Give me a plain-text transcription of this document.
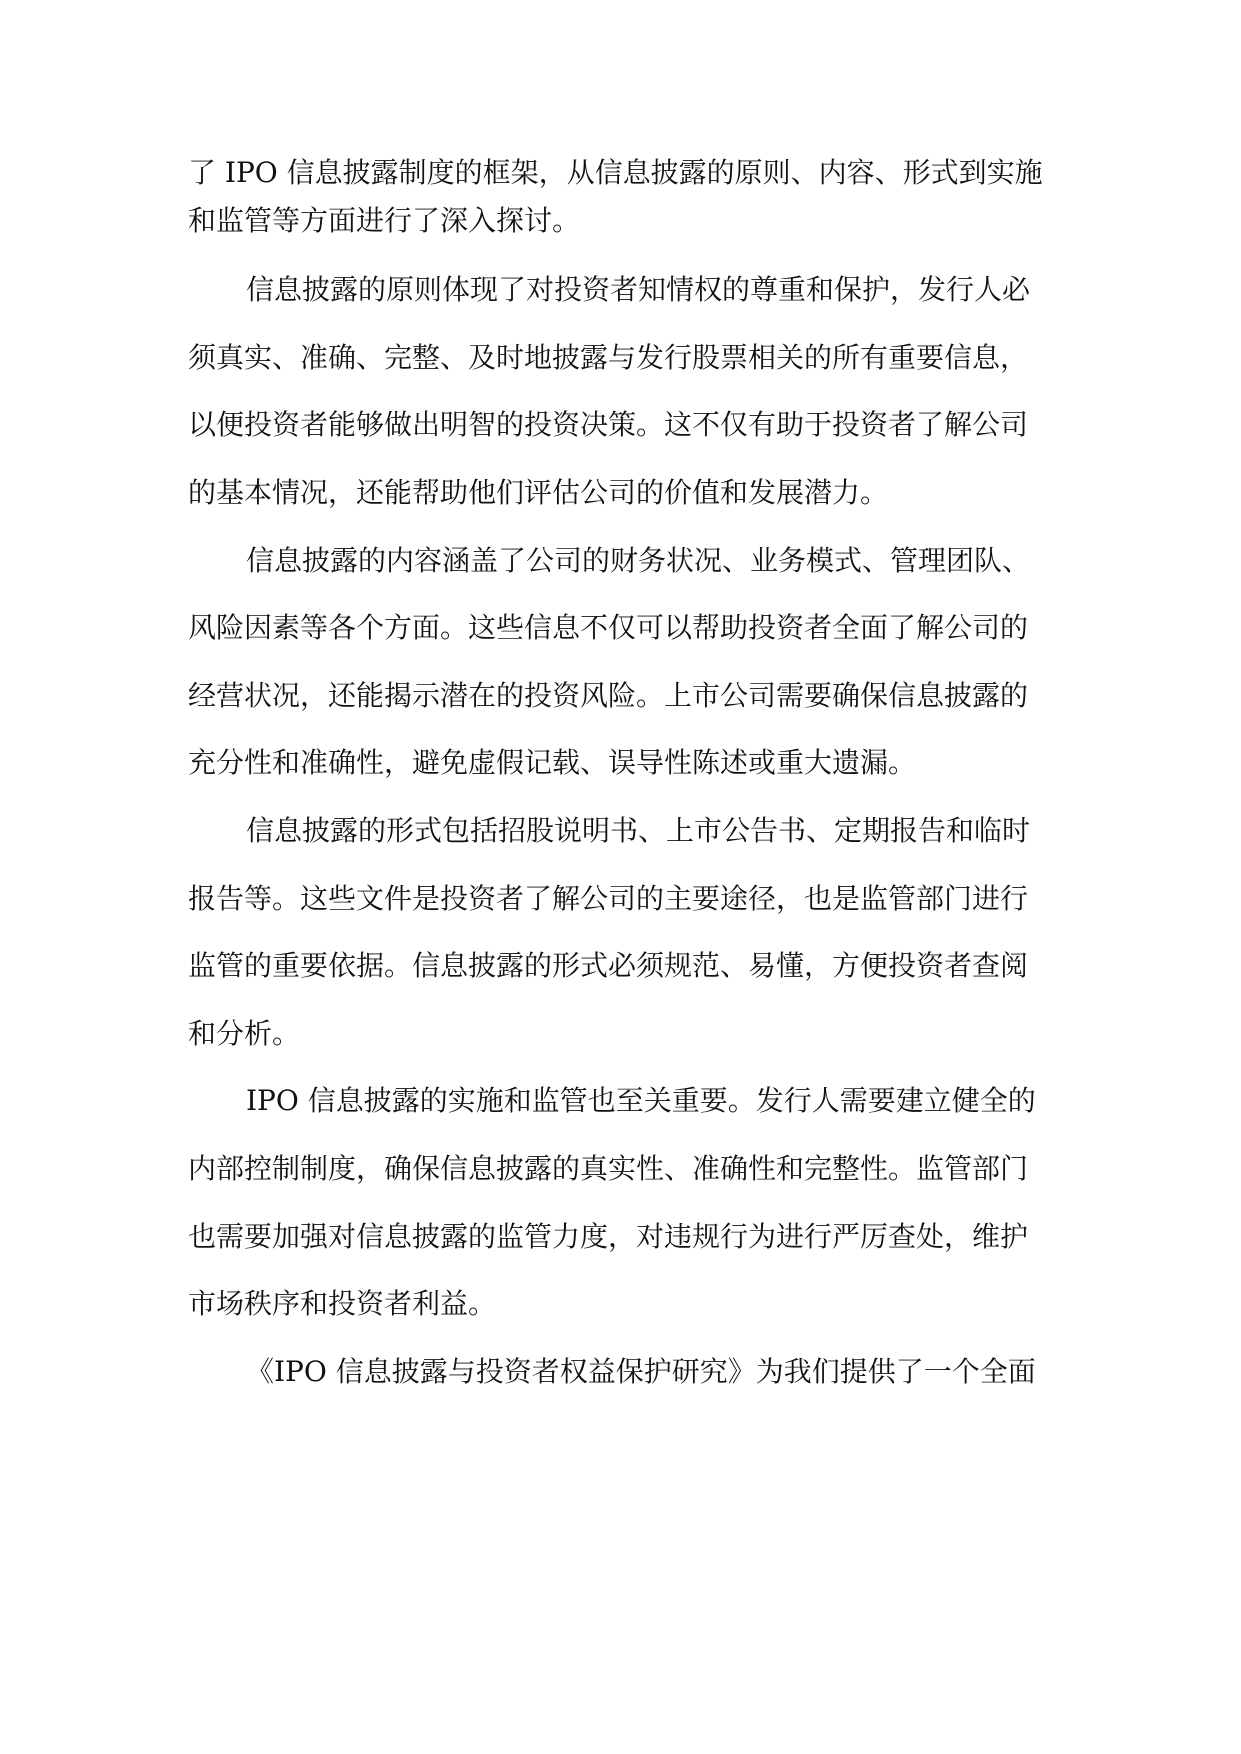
了 IPO 信息披露制度的框架，从信息披露的原则、内容、形式到实施
和监管等方面进行了深入探讨。
信息披露的原则体现了对投资者知情权的尊重和保护，发行人必
须真实、准确、完整、及时地披露与发行股票相关的所有重要信息，
以便投资者能够做出明智的投资决策。这不仅有助于投资者了解公司
的基本情况，还能帮助他们评估公司的价值和发展潜力。
信息披露的内容涵盖了公司的财务状况、业务模式、管理团队、
风险因素等各个方面。这些信息不仅可以帮助投资者全面了解公司的
经营状况，还能揭示潜在的投资风险。上市公司需要确保信息披露的
充分性和准确性，避免虚假记载、误导性陈述或重大遗漏。
信息披露的形式包括招股说明书、上市公告书、定期报告和临时
报告等。这些文件是投资者了解公司的主要途径，也是监管部门进行
监管的重要依据。信息披露的形式必须规范、易懂，方便投资者查阅
和分析。
IPO 信息披露的实施和监管也至关重要。发行人需要建立健全的
内部控制制度，确保信息披露的真实性、准确性和完整性。监管部门
也需要加强对信息披露的监管力度，对违规行为进行严厉查处，维护
市场秩序和投资者利益。
《IPO 信息披露与投资者权益保护研究》为我们提供了一个全面
